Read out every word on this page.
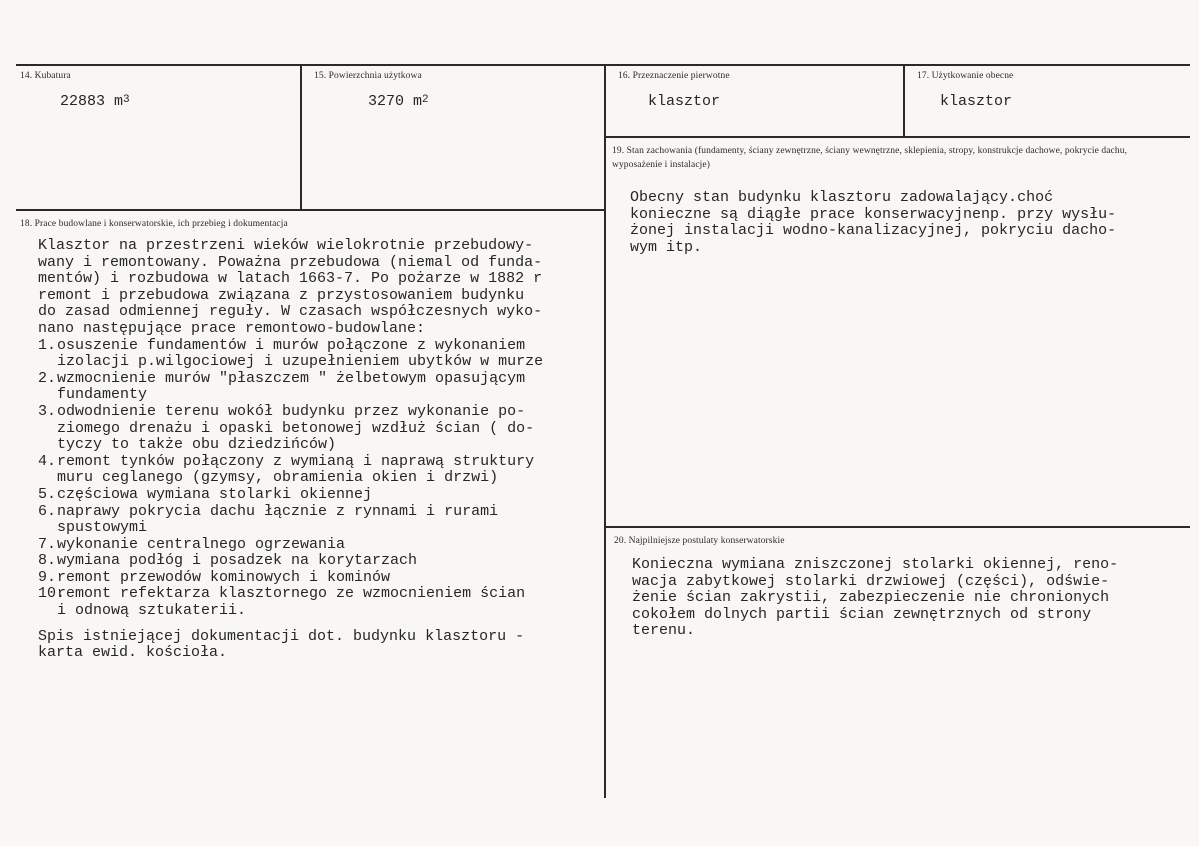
14. Kubatura
22883 $m^3$
15. Powierzchnia użytkowa
3270 $m^2$
16. Przeznaczenie pierwotne
klasztor
17. Użytkowanie obecne
klasztor
19. Stan zachowania (fundamenty, ściany zewnętrzne, ściany wewnętrzne, sklepienia, stropy, konstrukcje dachowe, pokrycie dachu, wyposażenie i instalacje)
Obecny stan budynku klasztoru zadowalający.choć
konieczne są diągłe prace konserwacyjnenp. przy wysłu-
żonej instalacji wodno-kanalizacyjnej, pokryciu dacho-
wym itp.
20. Najpilniejsze postulaty konserwatorskie
Konieczna wymiana zniszczonej stolarki okiennej, reno-
wacja zabytkowej stolarki drzwiowej (części), odświe-
żenie ścian zakrystii, zabezpieczenie nie chronionych
cokołem dolnych partii ścian zewnętrznych od strony
terenu.
18. Prace budowlane i konserwatorskie, ich przebieg i dokumentacja
Klasztor na przestrzeni wieków wielokrotnie przebudowy-
wany i remontowany. Poważna przebudowa (niemal od funda-
mentów) i rozbudowa w latach 1663-7. Po pożarze w 1882 r
remont i przebudowa związana z przystosowaniem budynku
do zasad odmiennej reguły. W czasach współczesnych wyko-
nano następujące prace remontowo-budowlane:
1.osuszenie fundamentów i murów połączone z wykonaniem
izolacji p.wilgociowej i uzupełnieniem ubytków w murze
2.wzmocnienie murów "płaszczem " żelbetowym opasującym
fundamenty
3.odwodnienie terenu wokół budynku przez wykonanie po-
ziomego drenażu i opaski betonowej wzdłuż ścian ( do-
tyczy to także obu dziedzińców)
4.remont tynków połączony z wymianą i naprawą struktury
muru ceglanego (gzymsy, obramienia okien i drzwi)
5.częściowa wymiana stolarki okiennej
6.naprawy pokrycia dachu łącznie z rynnami i rurami
spustowymi
7.wykonanie centralnego ogrzewania
8.wymiana podłóg i posadzek na korytarzach
9.remont przewodów kominowych i kominów
10.remont refektarza klasztornego ze wzmocnieniem ścian
i odnową sztukaterii.
Spis istniejącej dokumentacji dot. budynku klasztoru -
karta ewid. kościoła.
